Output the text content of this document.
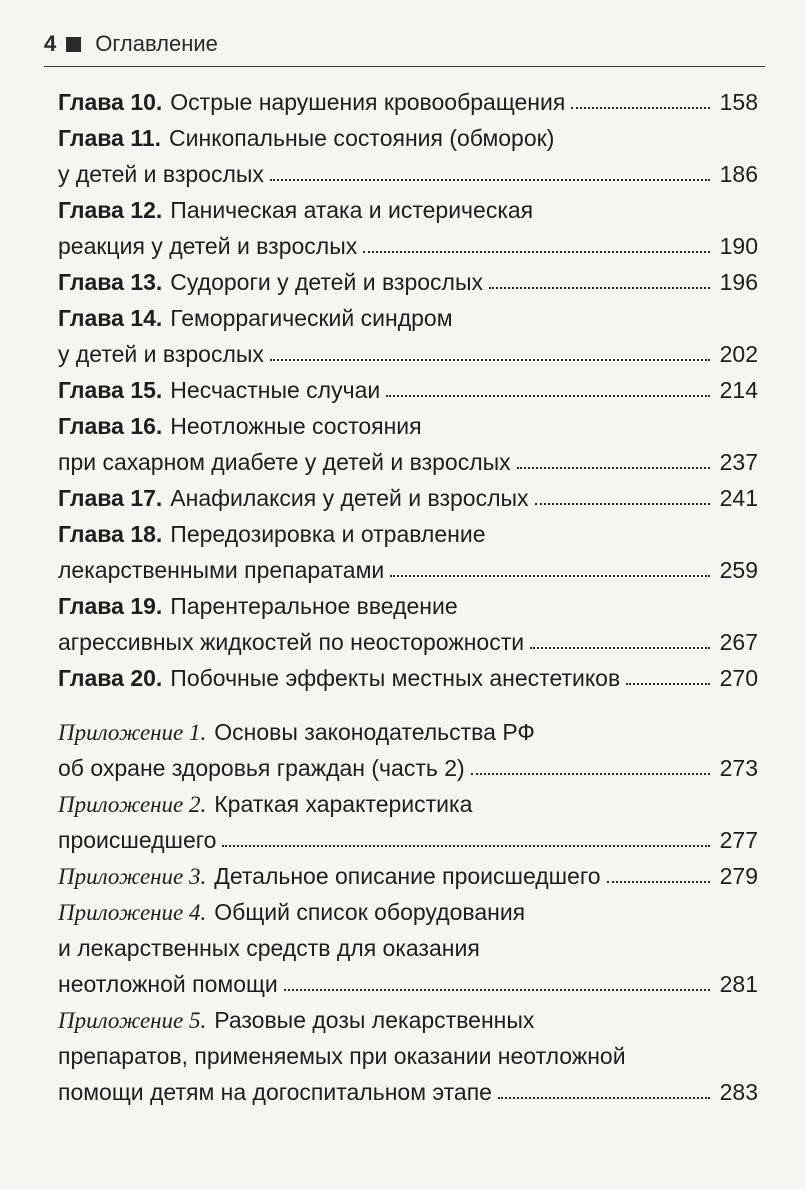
4 Оглавление
Глава 10. Острые нарушения кровообращения	158
Глава 11. Синкопальные состояния (обморок)
у детей и взрослых	186
Глава 12. Паническая атака и истерическая
реакция у детей и взрослых	190
Глава 13. Судороги у детей и взрослых	196
Глава 14. Геморрагический синдром
у детей и взрослых	202
Глава 15. Несчастные случаи	214
Глава 16. Неотложные состояния
при сахарном диабете у детей и взрослых	237
Глава 17. Анафилаксия у детей и взрослых	241
Глава 18. Передозировка и отравление
лекарственными препаратами	259
Глава 19. Парентеральное введение
агрессивных жидкостей по неосторожности	267
Глава 20. Побочные эффекты местных анестетиков	270
Приложение 1. Основы законодательства РФ
об охране здоровья граждан (часть 2)	273
Приложение 2. Краткая характеристика
происшедшего	277
Приложение 3. Детальное описание происшедшего	279
Приложение 4. Общий список оборудования
и лекарственных средств для оказания
неотложной помощи	281
Приложение 5. Разовые дозы лекарственных
препаратов, применяемых при оказании неотложной
помощи детям на догоспитальном этапе	283
